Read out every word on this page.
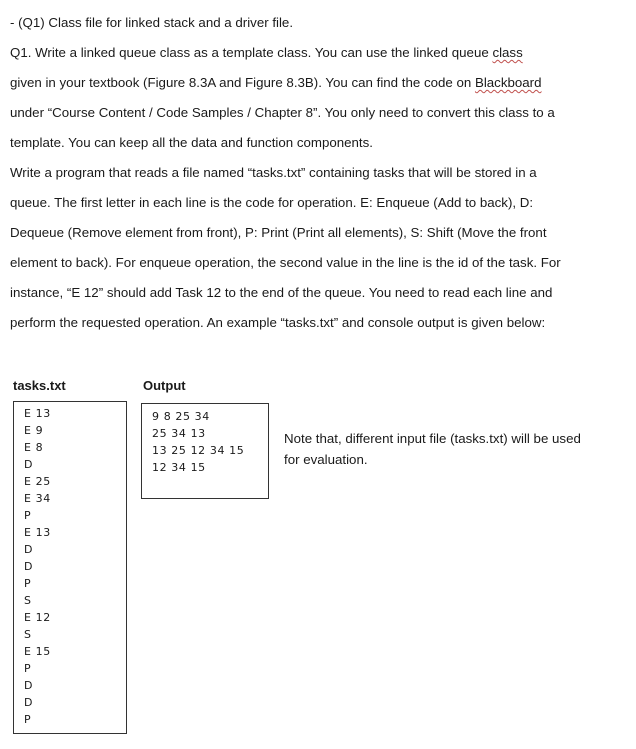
- (Q1) Class file for linked stack and a driver file.
Q1. Write a linked queue class as a template class. You can use the linked queue class
given in your textbook (Figure 8.3A and Figure 8.3B). You can find the code on Blackboard
under “Course Content / Code Samples / Chapter 8”. You only need to convert this class to a
template. You can keep all the data and function components.
Write a program that reads a file named “tasks.txt” containing tasks that will be stored in a
queue. The first letter in each line is the code for operation. E: Enqueue (Add to back), D:
Dequeue (Remove element from front), P: Print (Print all elements), S: Shift (Move the front
element to back). For enqueue operation, the second value in the line is the id of the task. For
instance, “E 12” should add Task 12 to the end of the queue. You need to read each line and
perform the requested operation. An example “tasks.txt” and console output is given below:
tasks.txt	Output
E 13
E 9
E 8
D
E 25
E 34
P
E 13
D
D
P
S
E 12
S
E 15
P
D
D
P
9 8 25 34
25 34 13
13 25 12 34 15
12 34 15
Note that, different input file (tasks.txt) will be used
for evaluation.
